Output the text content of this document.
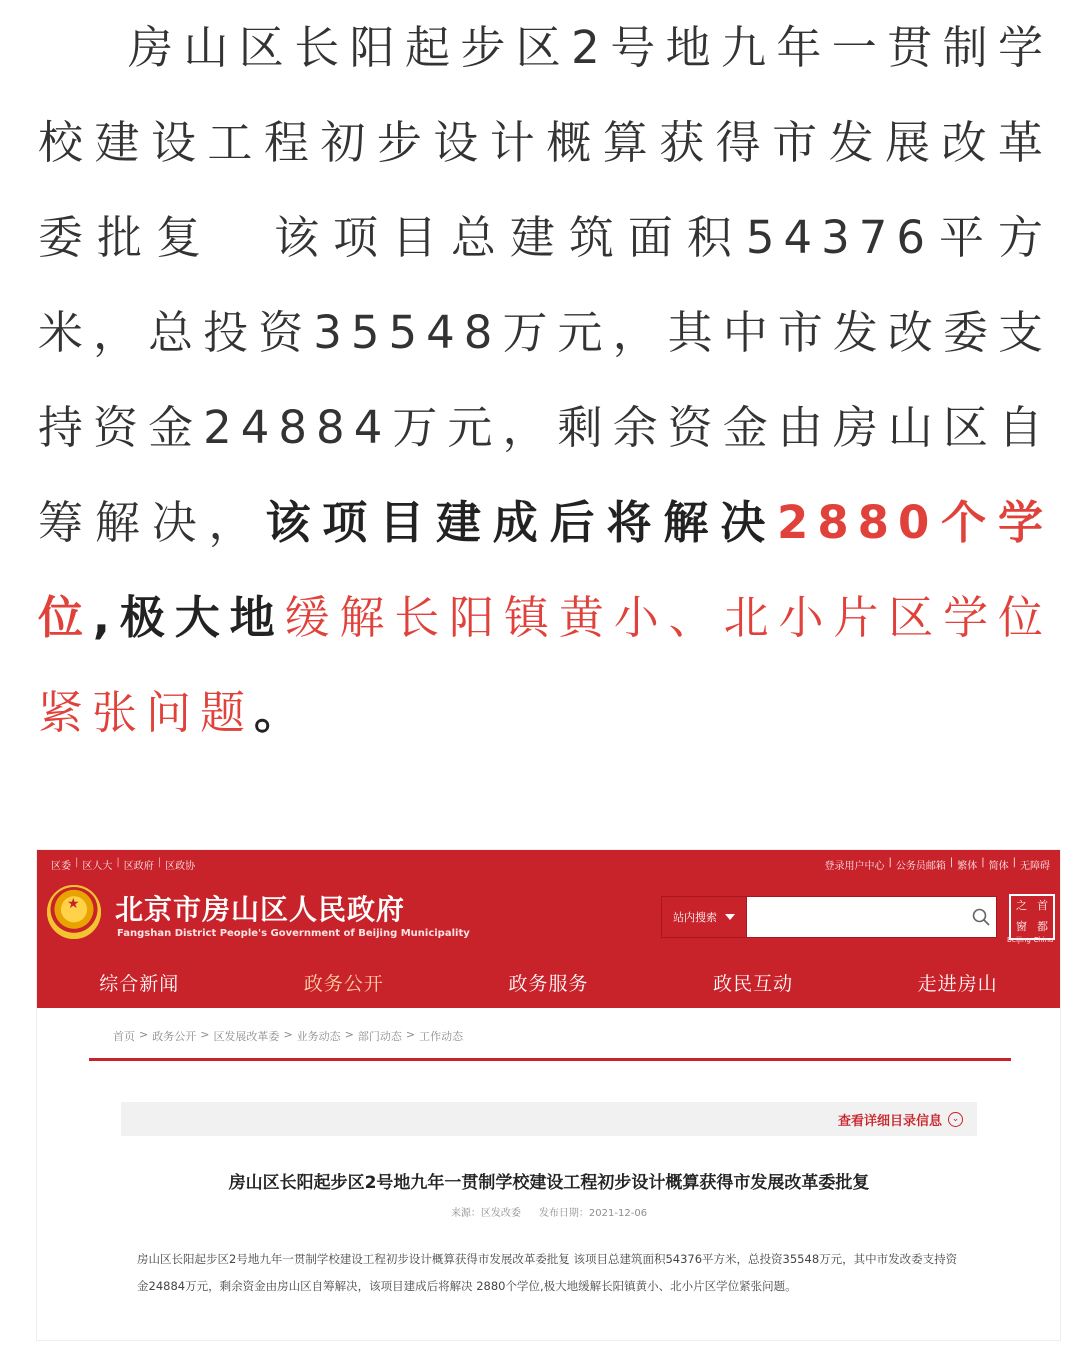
房山区长阳起步区2号地九年一贯制学校建设工程初步设计概算获得市发展改革委批复　该项目总建筑面积54376平方米，总投资35548万元，其中市发改委支持资金24884万元，剩余资金由房山区自筹解决，该项目建成后将解决2880个学位,极大地缓解长阳镇黄小、北小片区学位紧张问题。

区委 | 区人大 | 区政府 | 区政协	登录用户中心 | 公务员邮箱 | 繁体 | 简体 | 无障碍
★ 北京市房山区人民政府
Fangshan District People's Government of Beijing Municipality
站内搜索
之 首
窗 都
Beijing-China
综合新闻	政务公开	政务服务	政民互动	走进房山
首页 > 政务公开 > 区发展改革委 > 业务动态 > 部门动态 > 工作动态
查看详细目录信息	⌄
房山区长阳起步区2号地九年一贯制学校建设工程初步设计概算获得市发展改革委批复
来源：区发改委 发布日期：2021-12-06
房山区长阳起步区2号地九年一贯制学校建设工程初步设计概算获得市发展改革委批复 该项目总建筑面积54376平方米，总投资35548万元，其中市发改委支持资金24884万元，剩余资金由房山区自筹解决，该项目建成后将解决 2880个学位,极大地缓解长阳镇黄小、北小片区学位紧张问题。
